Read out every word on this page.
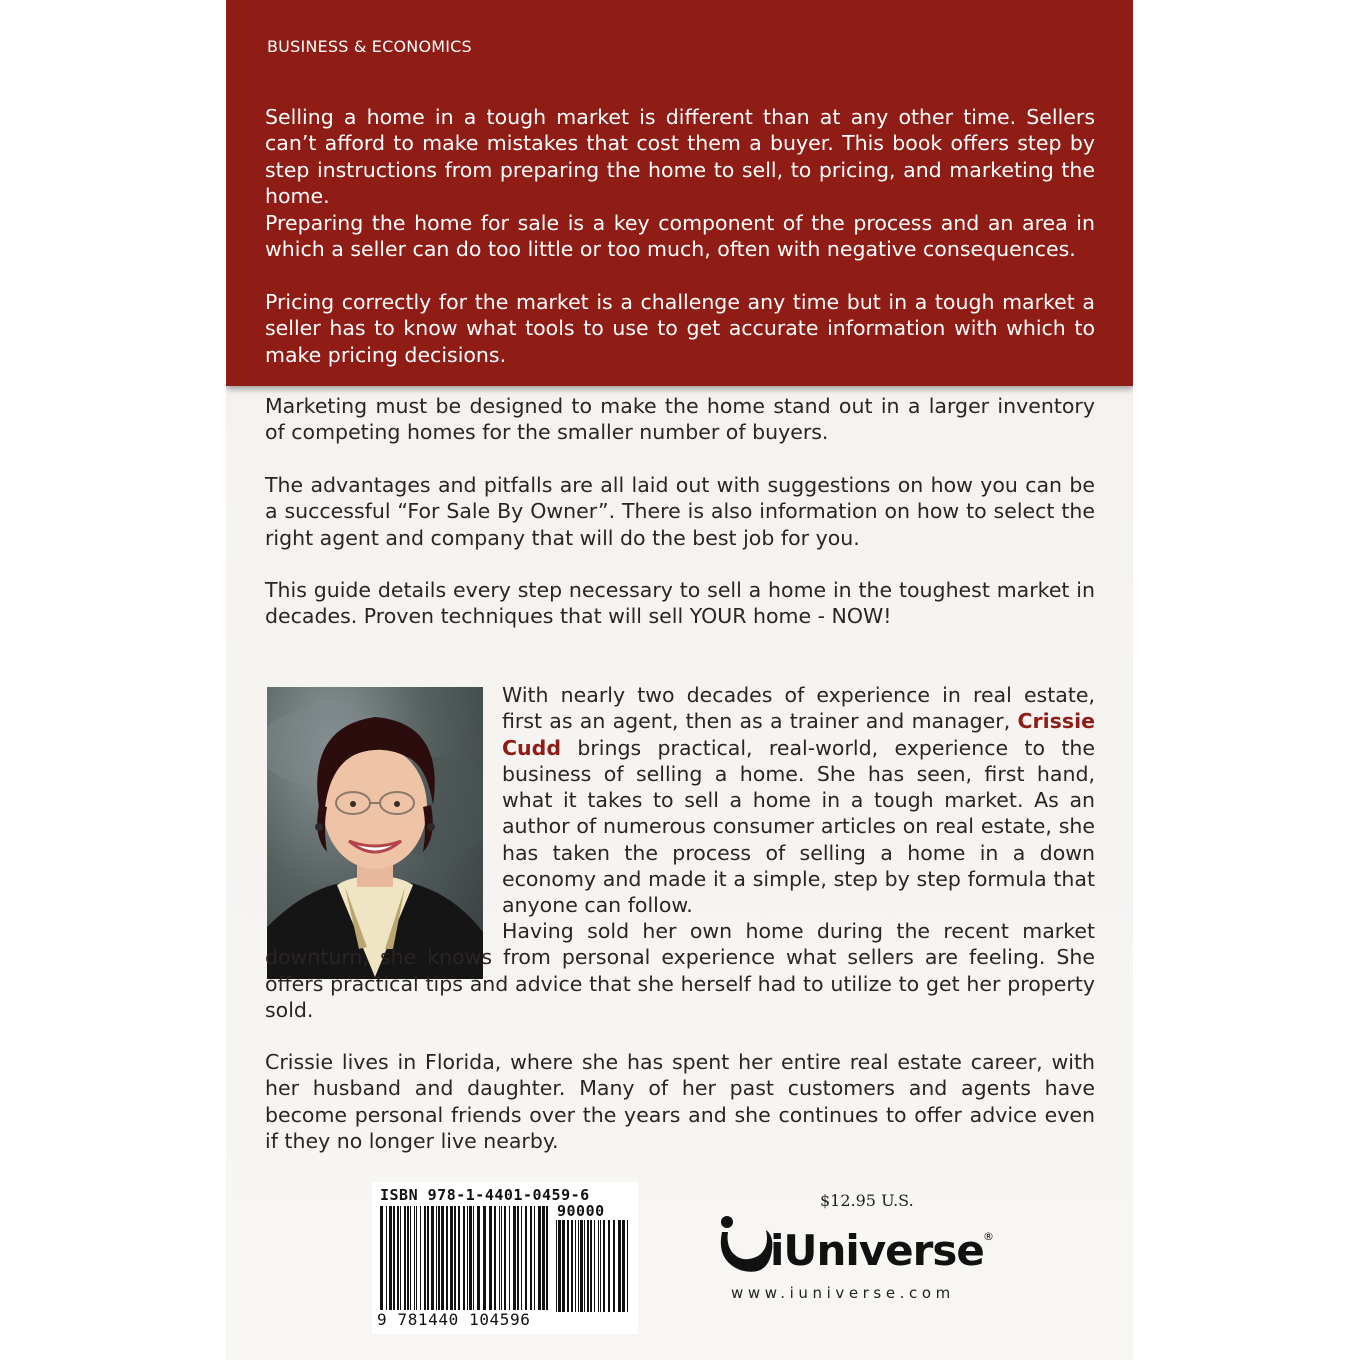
BUSINESS & ECONOMICS

Selling a home in a tough market is different than at any other time. Sellers can’t afford to make mistakes that cost them a buyer. This book offers step by step instructions from preparing the home to sell, to pricing, and marketing the home.

Preparing the home for sale is a key component of the process and an area in which a seller can do too little or too much, often with negative consequences.

Pricing correctly for the market is a challenge any time but in a tough market a seller has to know what tools to use to get accurate information with which to make pricing decisions.

Marketing must be designed to make the home stand out in a larger inventory of competing homes for the smaller number of buyers.

The advantages and pitfalls are all laid out with suggestions on how you can be a successful “For Sale By Owner”. There is also information on how to select the right agent and company that will do the best job for you.

This guide details every step necessary to sell a home in the toughest market in decades. Proven techniques that will sell YOUR home - NOW!

With nearly two decades of experience in real estate, first as an agent, then as a trainer and manager, Crissie Cudd brings practical, real-world, experience to the business of selling a home. She has seen, first hand, what it takes to sell a home in a tough market. As an author of numerous consumer articles on real estate, she has taken the process of selling a home in a down economy and made it a simple, step by step formula that anyone can follow.

Having sold her own home during the recent market downturn, she knows from personal experience what sellers are feeling. She offers practical tips and advice that she herself had to utilize to get her property sold.

Crissie lives in Florida, where she has spent her entire real estate career, with her husband and daughter. Many of her past customers and agents have become personal friends over the years and she continues to offer advice even if they no longer live nearby.

ISBN 978-1-4401-0459-6
90000
9 781440 104596
$12.95 U.S.
iUniverse ®
www.iuniverse.com
